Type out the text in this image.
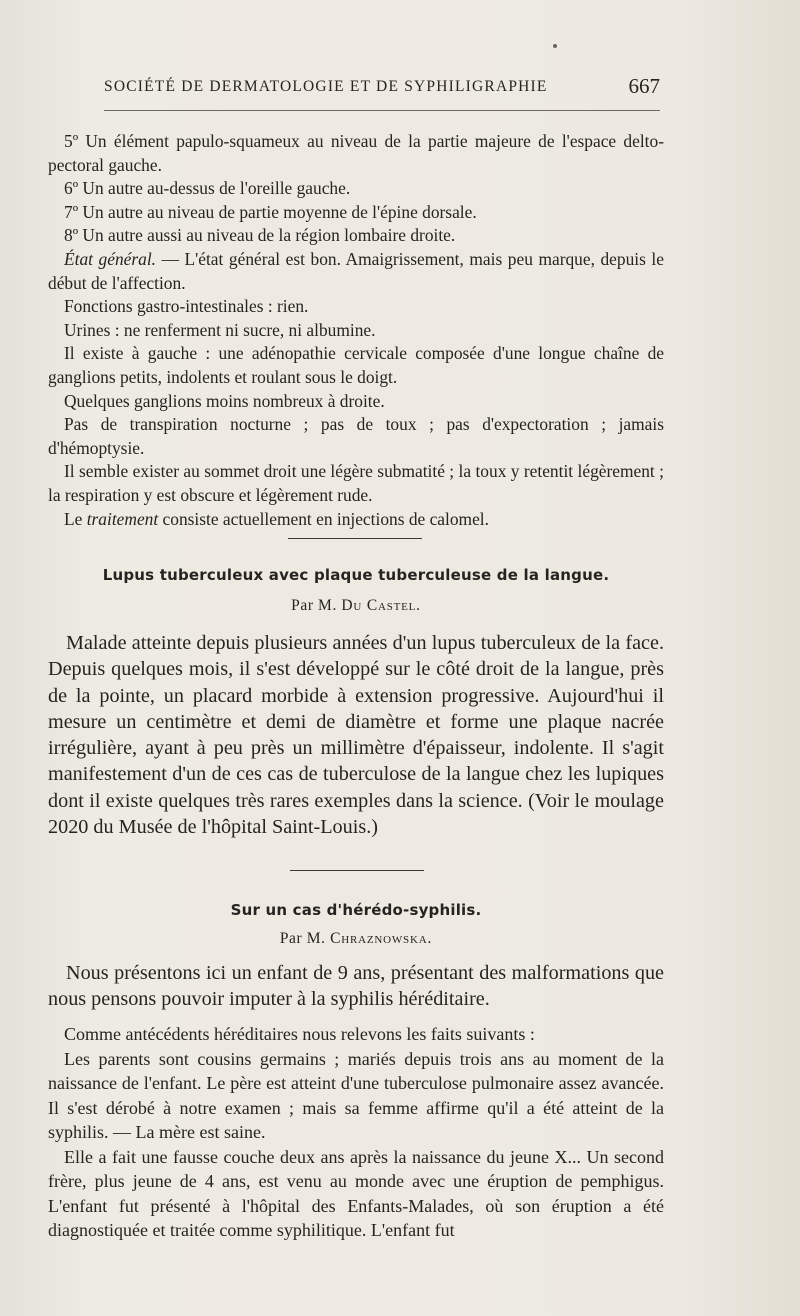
SOCIÉTÉ DE DERMATOLOGIE ET DE SYPHILIGRAPHIE	667

5º Un élément papulo-squameux au niveau de la partie majeure de l'espace delto-pectoral gauche.

6º Un autre au-dessus de l'oreille gauche.

7º Un autre au niveau de partie moyenne de l'épine dorsale.

8º Un autre aussi au niveau de la région lombaire droite.

État général. — L'état général est bon. Amaigrissement, mais peu marque, depuis le début de l'affection.

Fonctions gastro-intestinales : rien.

Urines : ne renferment ni sucre, ni albumine.

Il existe à gauche : une adénopathie cervicale composée d'une longue chaîne de ganglions petits, indolents et roulant sous le doigt.

Quelques ganglions moins nombreux à droite.

Pas de transpiration nocturne ; pas de toux ; pas d'expectoration ; jamais d'hémoptysie.

Il semble exister au sommet droit une légère submatité ; la toux y retentit légèrement ; la respiration y est obscure et légèrement rude.

Le traitement consiste actuellement en injections de calomel.

Lupus tuberculeux avec plaque tuberculeuse de la langue.
Par M. Du Castel.

Malade atteinte depuis plusieurs années d'un lupus tuberculeux de la face. Depuis quelques mois, il s'est développé sur le côté droit de la langue, près de la pointe, un placard morbide à extension progressive. Aujourd'hui il mesure un centimètre et demi de diamètre et forme une plaque nacrée irrégulière, ayant à peu près un millimètre d'épaisseur, indolente. Il s'agit manifestement d'un de ces cas de tuberculose de la langue chez les lupiques dont il existe quelques très rares exemples dans la science. (Voir le moulage 2020 du Musée de l'hôpital Saint-Louis.)

Sur un cas d'hérédo-syphilis.
Par M. Chraznowska.

Nous présentons ici un enfant de 9 ans, présentant des malformations que nous pensons pouvoir imputer à la syphilis héréditaire.

Comme antécédents héréditaires nous relevons les faits suivants :

Les parents sont cousins germains ; mariés depuis trois ans au moment de la naissance de l'enfant. Le père est atteint d'une tuberculose pulmonaire assez avancée. Il s'est dérobé à notre examen ; mais sa femme affirme qu'il a été atteint de la syphilis. — La mère est saine.

Elle a fait une fausse couche deux ans après la naissance du jeune X... Un second frère, plus jeune de 4 ans, est venu au monde avec une éruption de pemphigus. L'enfant fut présenté à l'hôpital des Enfants-Malades, où son éruption a été diagnostiquée et traitée comme syphilitique. L'enfant fut
